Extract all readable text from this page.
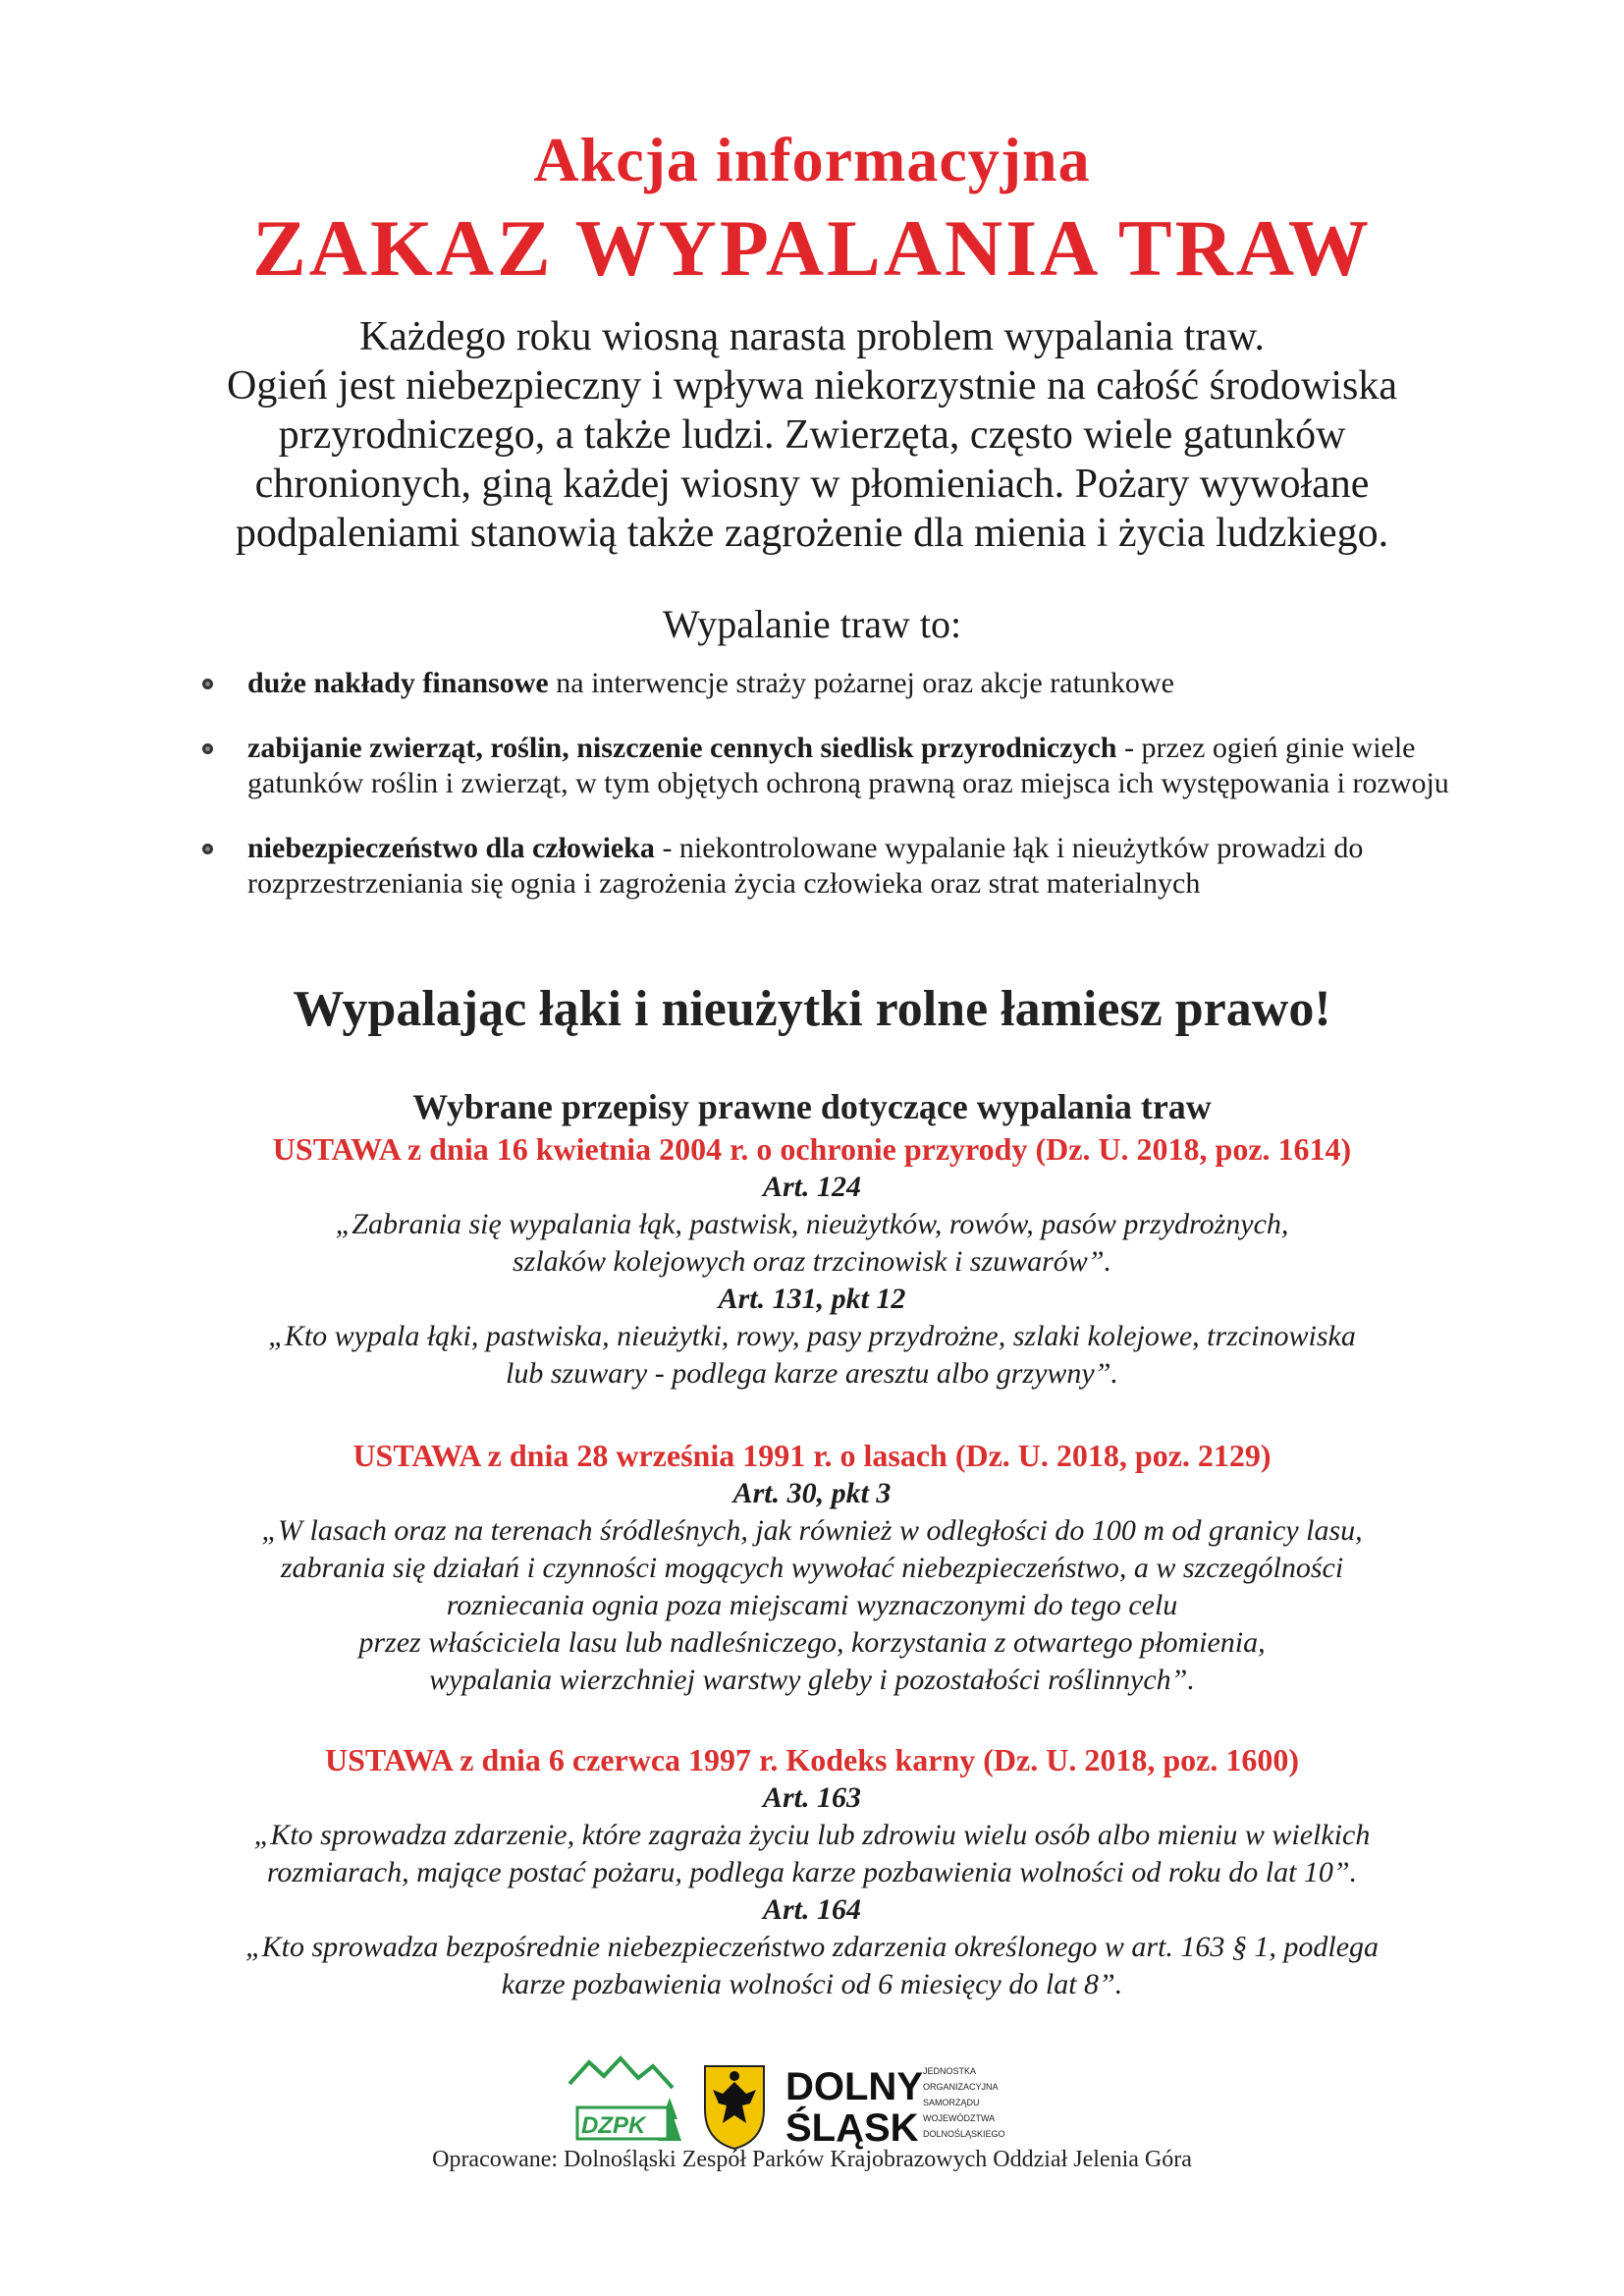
Akcja informacyjna
ZAKAZ WYPALANIA TRAW
Każdego roku wiosną narasta problem wypalania traw.
Ogień jest niebezpieczny i wpływa niekorzystnie na całość środowiska
przyrodniczego, a także ludzi. Zwierzęta, często wiele gatunków
chronionych, giną każdej wiosny w płomieniach. Pożary wywołane
podpaleniami stanowią także zagrożenie dla mienia i życia ludzkiego.
Wypalanie traw to:
duże nakłady finansowe na interwencje straży pożarnej oraz akcje ratunkowe
zabijanie zwierząt, roślin, niszczenie cennych siedlisk przyrodniczych - przez ogień ginie wiele gatunków roślin i zwierząt, w tym objętych ochroną prawną oraz miejsca ich występowania i rozwoju
niebezpieczeństwo dla człowieka - niekontrolowane wypalanie łąk i nieużytków prowadzi do rozprzestrzeniania się ognia i zagrożenia życia człowieka oraz strat materialnych
Wypalając łąki i nieużytki rolne łamiesz prawo!
Wybrane przepisy prawne dotyczące wypalania traw
USTAWA z dnia 16 kwietnia 2004 r. o ochronie przyrody (Dz. U. 2018, poz. 1614)
Art. 124
„Zabrania się wypalania łąk, pastwisk, nieużytków, rowów, pasów przydrożnych,
szlaków kolejowych oraz trzcinowisk i szuwarów”.
Art. 131, pkt 12
„Kto wypala łąki, pastwiska, nieużytki, rowy, pasy przydrożne, szlaki kolejowe, trzcinowiska
lub szuwary - podlega karze aresztu albo grzywny”.
USTAWA z dnia 28 września 1991 r. o lasach (Dz. U. 2018, poz. 2129)
Art. 30, pkt 3
„W lasach oraz na terenach śródleśnych, jak również w odległości do 100 m od granicy lasu,
zabrania się działań i czynności mogących wywołać niebezpieczeństwo, a w szczególności
rozniecania ognia poza miejscami wyznaczonymi do tego celu
przez właściciela lasu lub nadleśniczego, korzystania z otwartego płomienia,
wypalania wierzchniej warstwy gleby i pozostałości roślinnych”.
USTAWA z dnia 6 czerwca 1997 r. Kodeks karny (Dz. U. 2018, poz. 1600)
Art. 163
„Kto sprowadza zdarzenie, które zagraża życiu lub zdrowiu wielu osób albo mieniu w wielkich
rozmiarach, mające postać pożaru, podlega karze pozbawienia wolności od roku do lat 10”.
Art. 164
„Kto sprowadza bezpośrednie niebezpieczeństwo zdarzenia określonego w art. 163 § 1, podlega
karze pozbawienia wolności od 6 miesięcy do lat 8”.
DZPK
DOLNY
ŚLĄSK
JEDNOSTKA
ORGANIZACYJNA
SAMORZĄDU
WOJEWÓDZTWA
DOLNOŚLĄSKIEGO
Opracowane: Dolnośląski Zespół Parków Krajobrazowych Oddział Jelenia Góra
